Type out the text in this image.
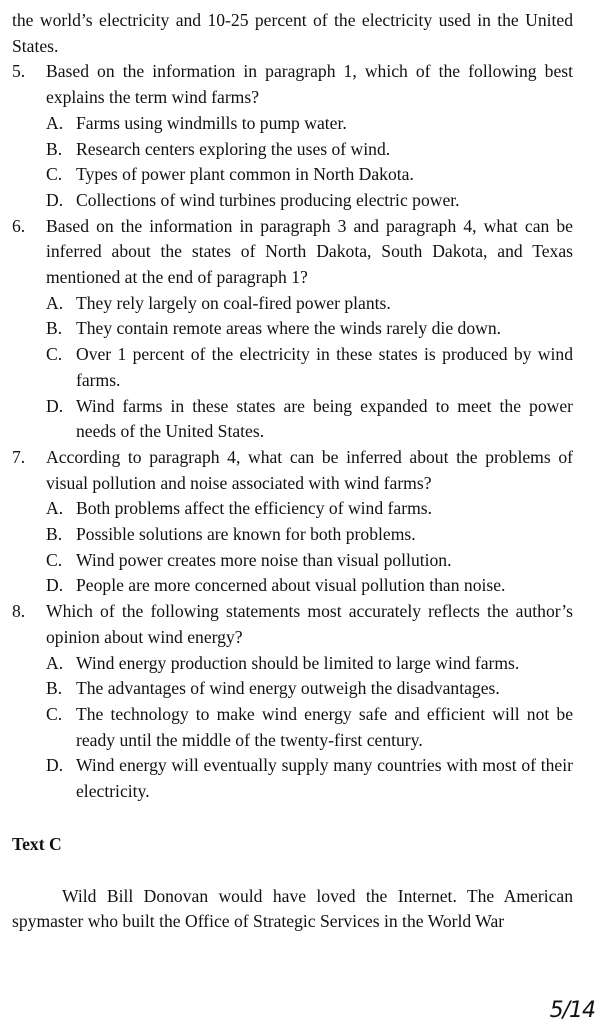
the world’s electricity and 10-25 percent of the electricity used in the United States.

5.	Based on the information in paragraph 1, which of the following best explains the term wind farms?
A. Farms using windmills to pump water.
B. Research centers exploring the uses of wind.
C. Types of power plant common in North Dakota.
D. Collections of wind turbines producing electric power.
6.	Based on the information in paragraph 3 and paragraph 4, what can be inferred about the states of North Dakota, South Dakota, and Texas mentioned at the end of paragraph 1?
A. They rely largely on coal-fired power plants.
B. They contain remote areas where the winds rarely die down.
C. Over 1 percent of the electricity in these states is produced by wind farms.
D. Wind farms in these states are being expanded to meet the power needs of the United States.
7.	According to paragraph 4, what can be inferred about the problems of visual pollution and noise associated with wind farms?
A. Both problems affect the efficiency of wind farms.
B. Possible solutions are known for both problems.
C. Wind power creates more noise than visual pollution.
D. People are more concerned about visual pollution than noise.
8.	Which of the following statements most accurately reflects the author’s opinion about wind energy?
A. Wind energy production should be limited to large wind farms.
B. The advantages of wind energy outweigh the disadvantages.
C. The technology to make wind energy safe and efficient will not be ready until the middle of the twenty-first century.
D. Wind energy will eventually supply many countries with most of their electricity.

Text C

Wild Bill Donovan would have loved the Internet. The American spymaster who built the Office of Strategic Services in the World War

5/14
